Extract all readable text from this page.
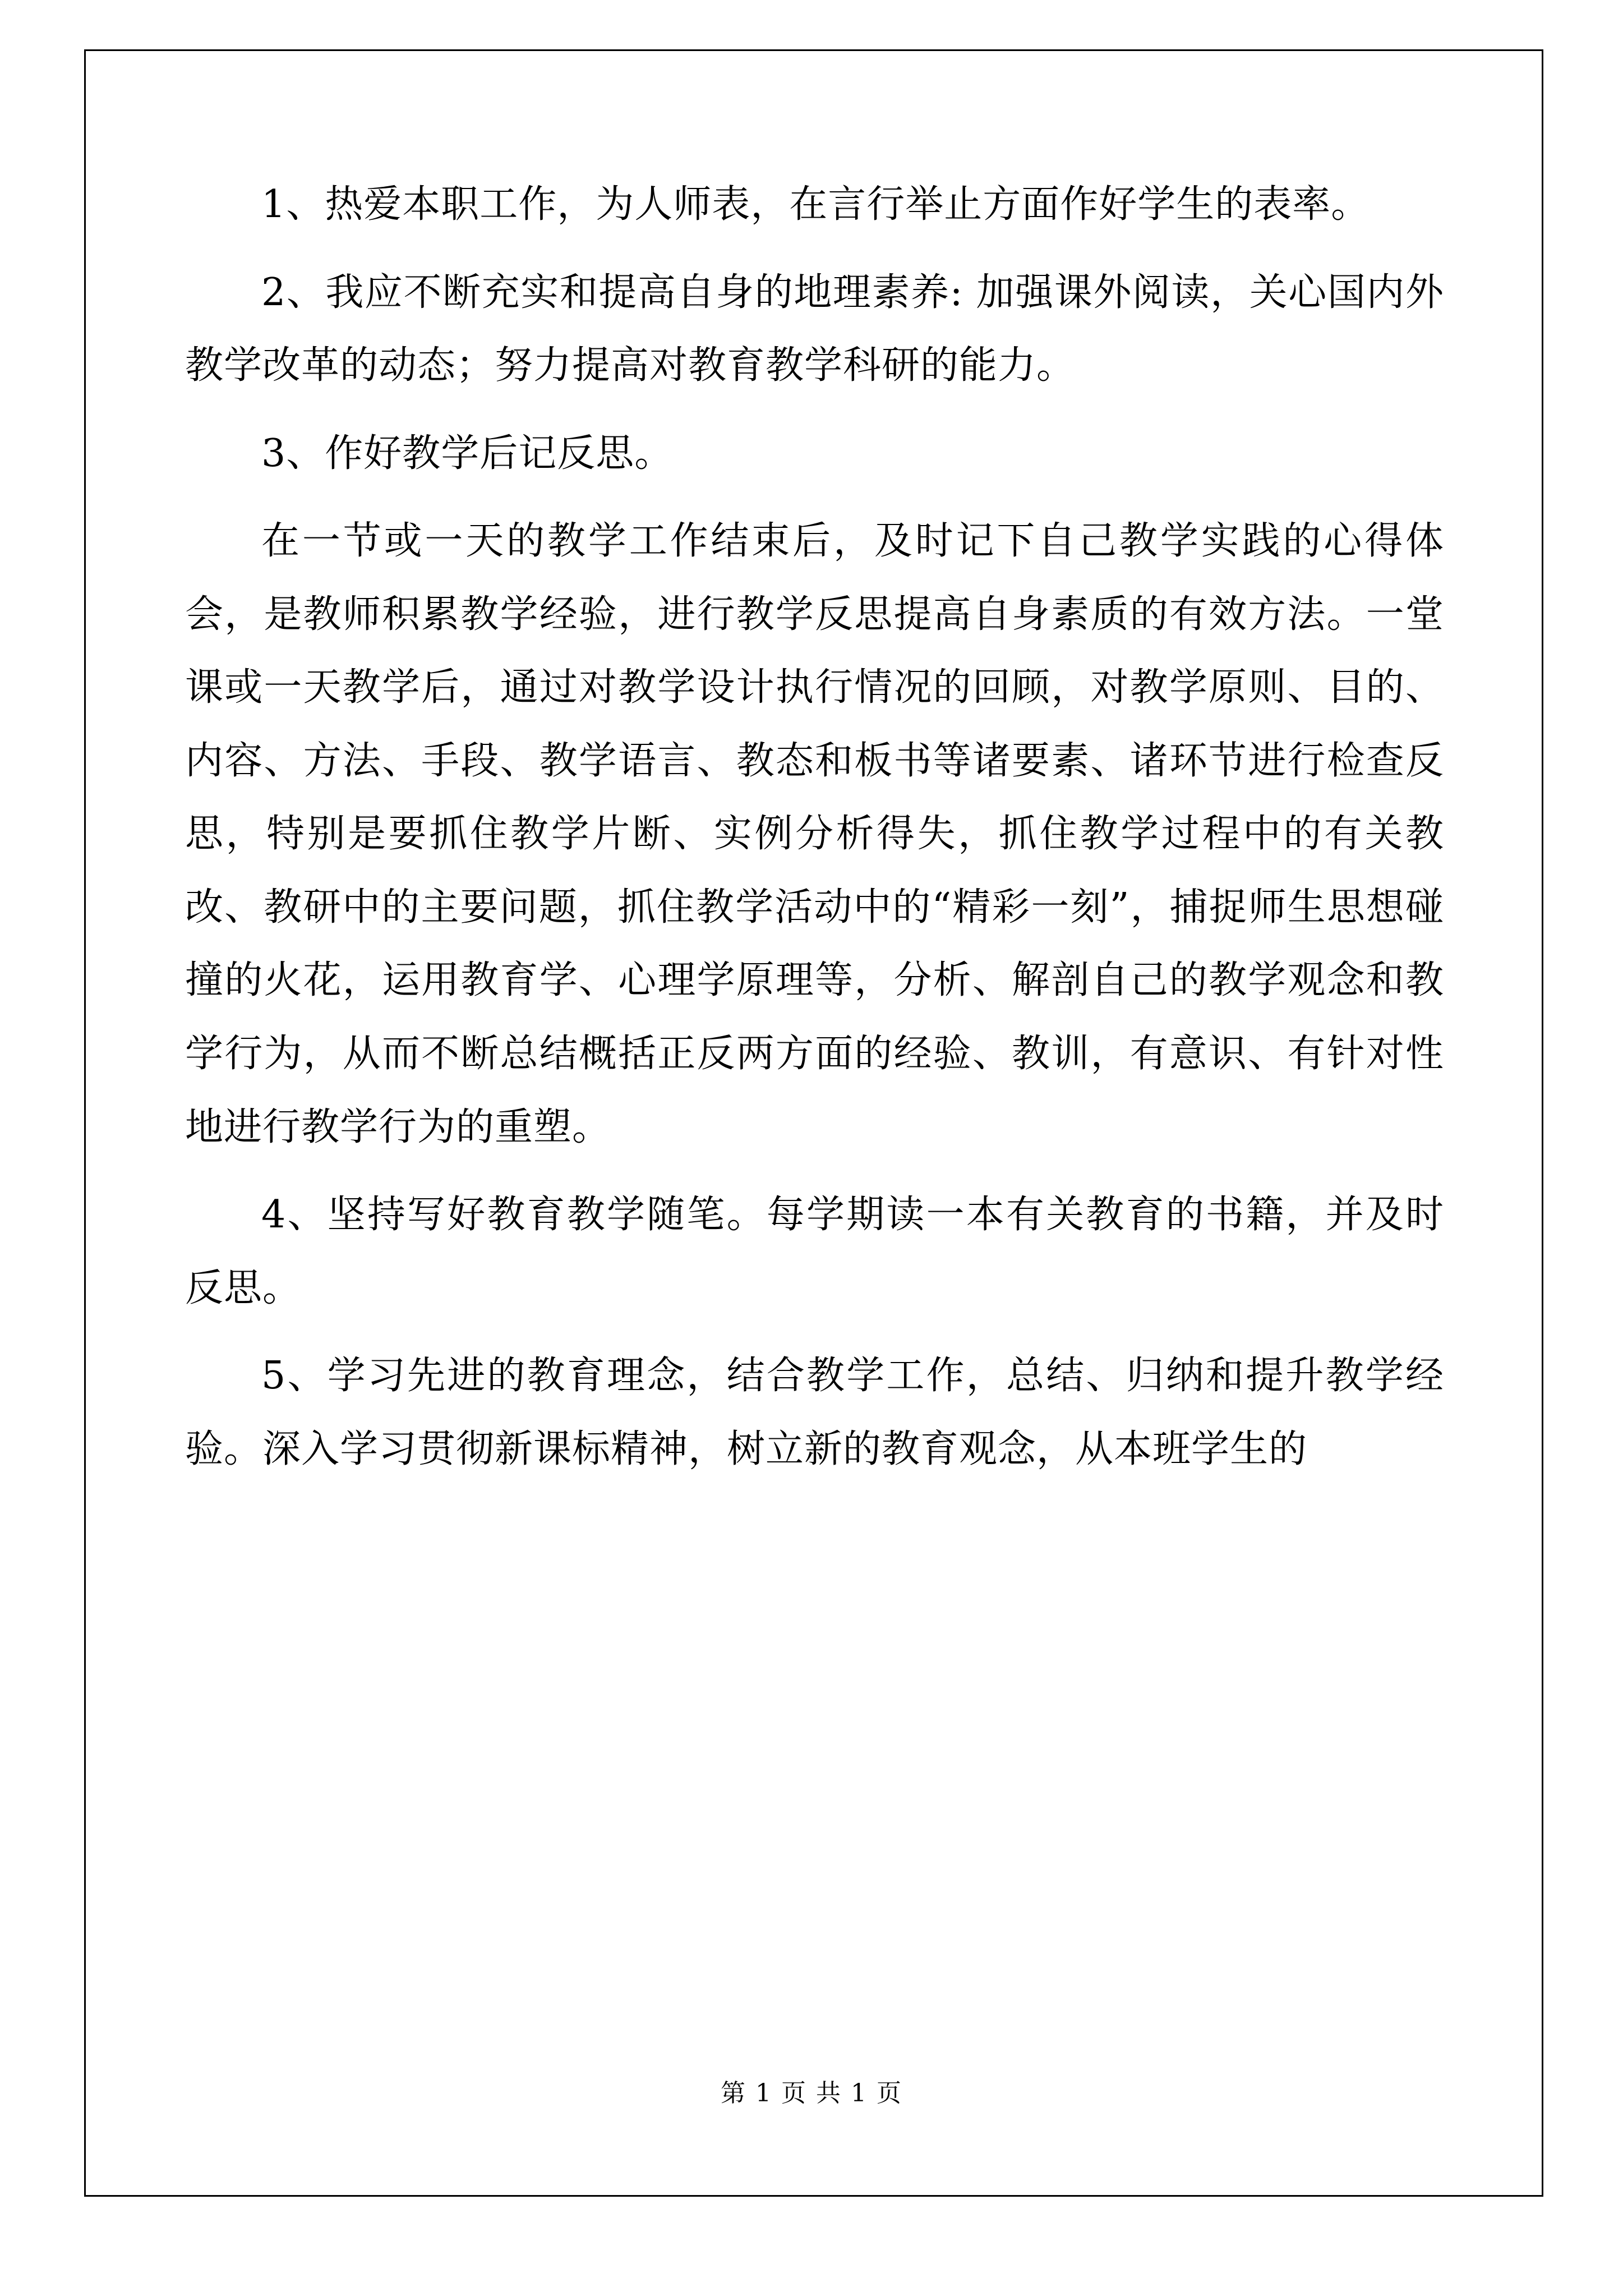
1、热爱本职工作，为人师表，在言行举止方面作好学生的表率。

2、我应不断充实和提高自身的地理素养: 加强课外阅读，关心国内外教学改革的动态；努力提高对教育教学科研的能力。

3、作好教学后记反思。

在一节或一天的教学工作结束后，及时记下自己教学实践的心得体会，是教师积累教学经验，进行教学反思提高自身素质的有效方法。一堂课或一天教学后，通过对教学设计执行情况的回顾，对教学原则、目的、内容、方法、手段、教学语言、教态和板书等诸要素、诸环节进行检查反思，特别是要抓住教学片断、实例分析得失，抓住教学过程中的有关教改、教研中的主要问题，抓住教学活动中的“精彩一刻”，捕捉师生思想碰撞的火花，运用教育学、心理学原理等，分析、解剖自己的教学观念和教学行为，从而不断总结概括正反两方面的经验、教训，有意识、有针对性地进行教学行为的重塑。

4、坚持写好教育教学随笔。每学期读一本有关教育的书籍，并及时反思。

5、学习先进的教育理念，结合教学工作，总结、归纳和提升教学经验。深入学习贯彻新课标精神，树立新的教育观念，从本班学生的

第 1 页 共 1 页
